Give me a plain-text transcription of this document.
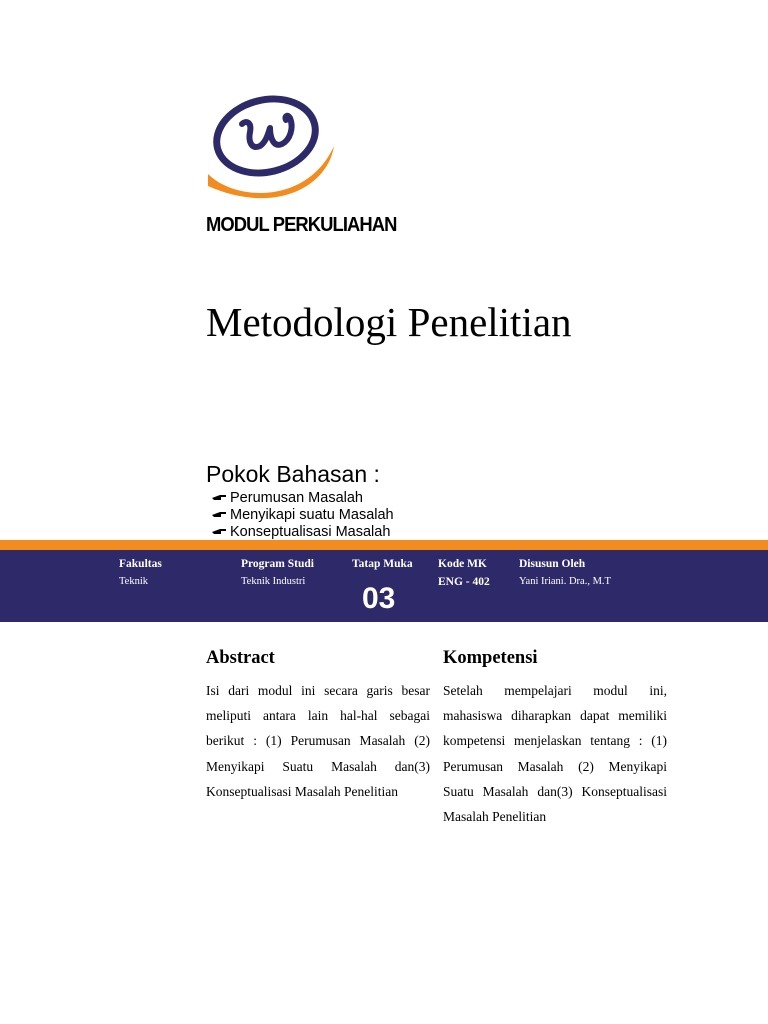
MODUL PERKULIAHAN
Metodologi Penelitian
Pokok Bahasan :
Perumusan Masalah
Menyikapi suatu Masalah
Konseptualisasi Masalah
Fakultas
Teknik
Program Studi
Teknik Industri
Tatap Muka
03
Kode MK
ENG - 402
Disusun Oleh
Yani Iriani. Dra., M.T
Abstract
Isi dari modul ini secara garis besar meliputi antara lain hal-hal sebagai berikut : (1) Perumusan Masalah (2) Menyikapi Suatu Masalah dan(3) Konseptualisasi Masalah Penelitian
Kompetensi
Setelah mempelajari modul ini, mahasiswa diharapkan dapat memiliki kompetensi menjelaskan tentang : (1) Perumusan Masalah (2) Menyikapi Suatu Masalah dan(3) Konseptualisasi Masalah Penelitian
